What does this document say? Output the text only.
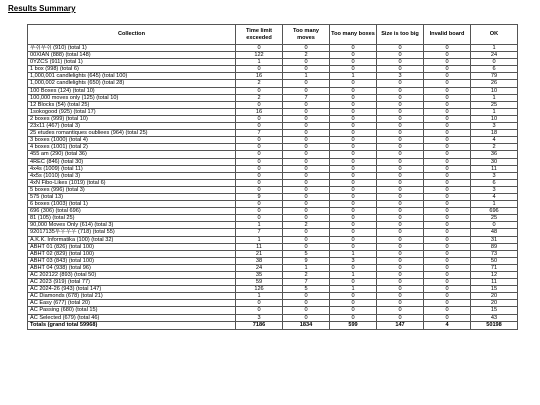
Results Summary
Collection	Time limit exceeded	Too many moves	Too many boxes	Size is too big	Invalid board	OK
푸쉬푸쉬 (910) (total 1)	0	0	0	0	0	1
00XIAN (888) (total 148)	122	2	0	0	0	24
0YZCS (911) (total 1)	1	0	0	0	0	0
1 box (998) (total 6)	0	0	0	0	0	6
1,000,001 candlelights (645) (total 100)	16	1	1	3	0	79
1,000,002 candlelights (650) (total 28)	2	0	0	0	0	26
100 Boxes (124) (total 10)	0	0	0	0	0	10
100,000 moves only (125) (total 10)	2	7	0	0	0	1
12 Blocks (54) (total 25)	0	0	0	0	0	25
1sokogood (925) (total 17)	16	0	0	0	0	1
2 boxes (999) (total 10)	0	0	0	0	0	10
23x11 (467) (total 3)	0	0	0	0	0	3
25 etudes romantiques oubliees (964) (total 25)	7	0	0	0	0	18
3 boxes (1000) (total 4)	0	0	0	0	0	4
4 boxes (1001) (total 2)	0	0	0	0	0	2
455 am (290) (total 36)	0	0	0	0	0	36
4REC (846) (total 30)	0	0	0	0	0	30
4x4s (1009) (total 11)	0	0	0	0	0	11
4x5s (1010) (total 3)	0	0	0	0	0	3
4xN Fibo-Likes (1019) (total 6)	0	0	0	0	0	6
5 boxes (996) (total 3)	0	0	0	0	0	3
575 (total 13)	9	0	0	0	0	4
6 boxes (1003) (total 1)	0	0	0	0	0	1
696 (306) (total 696)	0	0	0	0	0	696
81 (105) (total 25)	0	0	0	0	0	25
90,000 Moves Only (614) (total 3)	1	2	0	0	0	0
92017135루우우우 (718) (total 55)	7	0	0	0	0	48
A.K.K. Informatika (100) (total 32)	1	0	0	0	0	31
ABHT 01 (826) (total 100)	11	0	0	0	0	89
ABHT 02 (829) (total 100)	21	5	1	0	0	73
ABHT 03 (843) (total 100)	38	9	3	0	0	50
ABHT 04 (938) (total 96)	24	1	0	0	0	71
AC 202122 (893) (total 50)	35	2	1	0	0	12
AC 2023 (919) (total 77)	59	7	0	0	0	11
AC 2024-26 (943) (total 147)	126	5	1	0	0	15
AC Diamonds (678) (total 21)	1	0	0	0	0	20
AC Easy (677) (total 20)	0	0	0	0	0	20
AC Passing (680) (total 15)	0	0	0	0	0	15
AC Selected (679) (total 46)	3	0	0	0	0	43
Totals (grand total 59968)	7186	1834	599	147	4	50198
